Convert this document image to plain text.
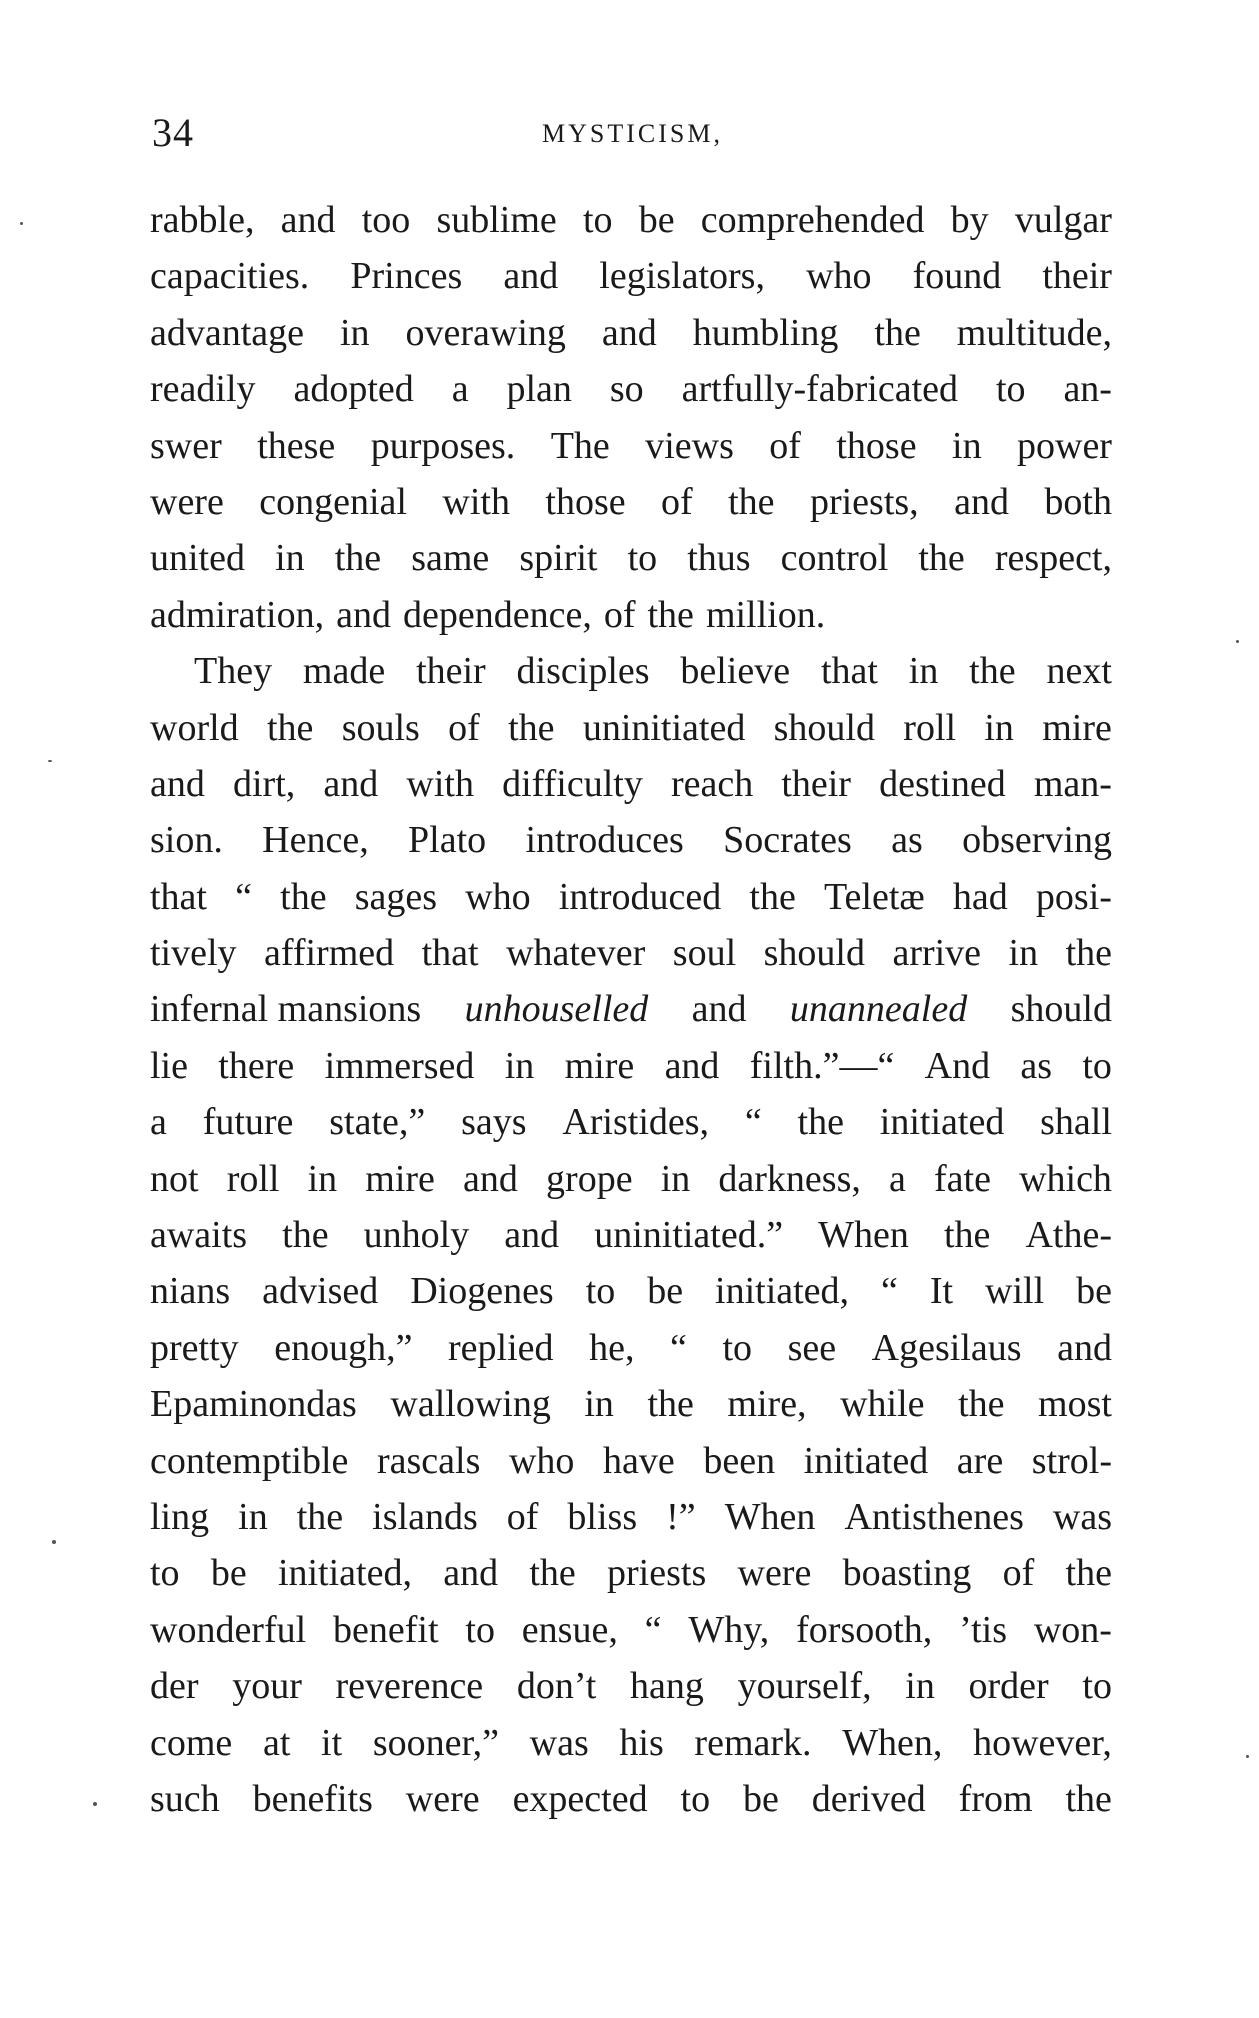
34	MYSTICISM,
rabble, and too sublime to be comprehended by vulgar
capacities. Princes and legislators, who found their
advantage in overawing and humbling the multitude,
readily adopted a plan so artfully-fabricated to an-
swer these purposes. The views of those in power
were congenial with those of the priests, and both
united in the same spirit to thus control the respect,
admiration, and dependence, of the million.
They made their disciples believe that in the next
world the souls of the uninitiated should roll in mire
and dirt, and with difficulty reach their destined man-
sion. Hence, Plato introduces Socrates as observing
that “ the sages who introduced the Teletæ had posi-
tively affirmed that whatever soul should arrive in the
infernal mansions unhouselled and unannealed should
lie there immersed in mire and filth.”—“ And as to
a future state,” says Aristides, “ the initiated shall
not roll in mire and grope in darkness, a fate which
awaits the unholy and uninitiated.” When the Athe-
nians advised Diogenes to be initiated, “ It will be
pretty enough,” replied he, “ to see Agesilaus and
Epaminondas wallowing in the mire, while the most
contemptible rascals who have been initiated are strol-
ling in the islands of bliss !” When Antisthenes was
to be initiated, and the priests were boasting of the
wonderful benefit to ensue, “ Why, forsooth, ’tis won-
der your reverence don’t hang yourself, in order to
come at it sooner,” was his remark. When, however,
such benefits were expected to be derived from the
